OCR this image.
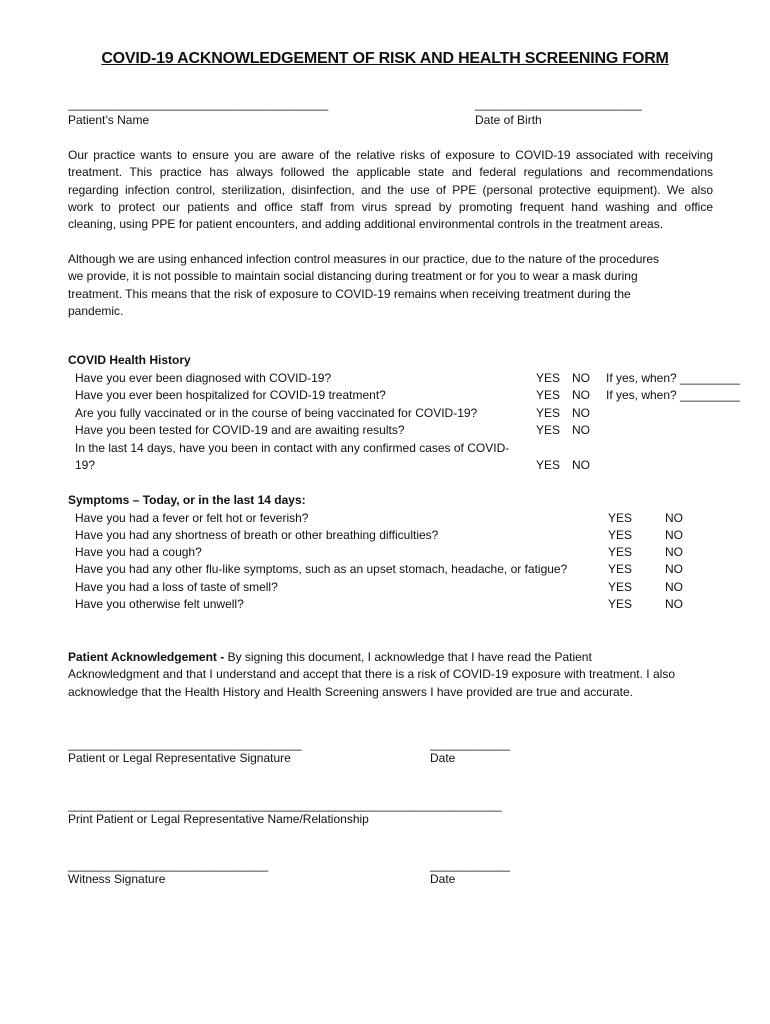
COVID-19 ACKNOWLEDGEMENT OF RISK AND HEALTH SCREENING FORM
_______________________________________
Patient’s Name
_________________________
Date of Birth
Our practice wants to ensure you are aware of the relative risks of exposure to COVID-19 associated with receiving
treatment. This practice has always followed the applicable state and federal regulations and recommendations
regarding infection control, sterilization, disinfection, and the use of PPE (personal protective equipment). We also
work to protect our patients and office staff from virus spread by promoting frequent hand washing and office
cleaning, using PPE for patient encounters, and adding additional environmental controls in the treatment areas.
Although we are using enhanced infection control measures in our practice, due to the nature of the procedures
we provide, it is not possible to maintain social distancing during treatment or for you to wear a mask during
treatment. This means that the risk of exposure to COVID-19 remains when receiving treatment during the
pandemic.
COVID Health History
Have you ever been diagnosed with COVID-19?	YES NO If yes, when? _________
Have you ever been hospitalized for COVID-19 treatment?	YES NO If yes, when? _________
Are you fully vaccinated or in the course of being vaccinated for COVID-19?	YES NO
Have you been tested for COVID-19 and are awaiting results?	YES NO
In the last 14 days, have you been in contact with any confirmed cases of COVID-
19?	YES NO
Symptoms – Today, or in the last 14 days:
Have you had a fever or felt hot or feverish?	YES	NO
Have you had any shortness of breath or other breathing difficulties?	YES	NO
Have you had a cough?	YES	NO
Have you had any other flu-like symptoms, such as an upset stomach, headache, or fatigue?	YES	NO
Have you had a loss of taste of smell?	YES	NO
Have you otherwise felt unwell?	YES	NO
Patient Acknowledgement - By signing this document, I acknowledge that I have read the Patient
Acknowledgment and that I understand and accept that there is a risk of COVID-19 exposure with treatment. I also
acknowledge that the Health History and Health Screening answers I have provided are true and accurate.
___________________________________
Patient or Legal Representative Signature
____________
Date
_________________________________________________________________
Print Patient or Legal Representative Name/Relationship
______________________________
Witness Signature
____________
Date
